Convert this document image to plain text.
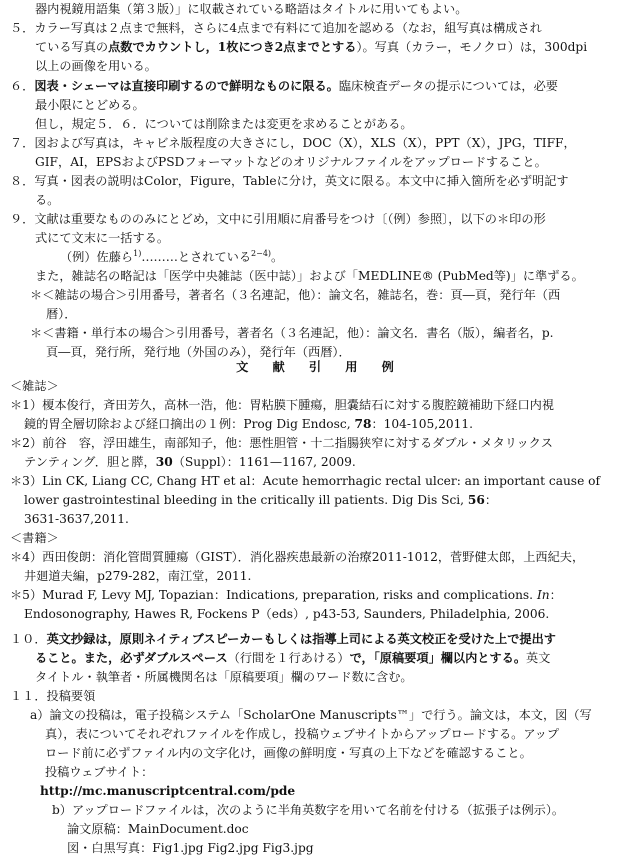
文　献　引　用　例
器内視鏡用語集（第３版）」に収載されている略語はタイトルに用いてもよい。
５．カラー写真は２点まで無料，さらに4点まで有料にて追加を認める（なお，組写真は構成され
ている写真の点数でカウントし，1枚につき2点までとする）。写真（カラー，モノクロ）は，300dpi
以上の画像を用いる。
６．図表・シェーマは直接印刷するので鮮明なものに限る。臨床検査データの提示については，必要
最小限にとどめる。
但し，規定５．６．については削除または変更を求めることがある。
７．図および写真は，キャビネ版程度の大きさにし，DOC（X），XLS（X），PPT（X），JPG，TIFF，
GIF，AI，EPSおよびPSDフォーマットなどのオリジナルファイルをアップロードすること。
８．写真・図表の説明はColor，Figure，Tableに分け，英文に限る。本文中に挿入箇所を必ず明記す
る。
９．文献は重要なもののみにとどめ，文中に引用順に肩番号をつけ〔（例）参照〕，以下の＊印の形
式にて文末に一括する。
（例）佐藤ら$^{1)}$………とされている$^{2-4)}$。
また，雑誌名の略記は「医学中央雑誌（医中誌）」および「MEDLINE® (PubMed等)」に準ずる。
＊＜雑誌の場合＞引用番号，著者名（３名連記，他）：論文名，雑誌名，巻：頁―頁，発行年（西
暦）．
＊＜書籍・単行本の場合＞引用番号，著者名（３名連記，他）：論文名．書名（版），編者名，p.
頁―頁，発行所，発行地（外国のみ），発行年（西暦）．
＜雑誌＞
＊1）榎本俊行，斉田芳久，高林一浩，他：胃粘膜下腫瘍，胆嚢結石に対する腹腔鏡補助下経口内視
鏡的胃全層切除および経口摘出の１例：Prog Dig Endosc, 78：104-105,2011.
＊2）前谷　容，浮田雄生，南部知子，他：悪性胆管・十二指腸狭窄に対するダブル・メタリックス
テンティング．胆と膵，30（Suppl）：1161—1167, 2009.
＊3）Lin CK, Liang CC, Chang HT et al：Acute hemorrhagic rectal ulcer: an important cause of
lower gastrointestinal bleeding in the critically ill patients. Dig Dis Sci, 56：
3631-3637,2011.
＜書籍＞
＊4）西田俊朗：消化管間質腫瘍（GIST）．消化器疾患最新の治療2011-1012，菅野健太郎，上西紀夫，
井廻道夫編，p279-282，南江堂，2011.
＊5）Murad F, Levy MJ, Topazian：Indications, preparation, risks and complications. In：
Endosonography, Hawes R, Fockens P（eds）, p43-53, Saunders, Philadelphia, 2006.
１０．英文抄録は，原則ネイティブスピーカーもしくは指導上司による英文校正を受けた上で提出す
ること。また，必ずダブルスペース（行間を１行あける）で，「原稿要項」欄以内とする。英文
タイトル・執筆者・所属機関名は「原稿要項」欄のワード数に含む。
１１．投稿要領
a）論文の投稿は，電子投稿システム「ScholarOne Manuscripts™」で行う。論文は，本文，図（写
真），表についてそれぞれファイルを作成し，投稿ウェブサイトからアップロードする。アップ
ロード前に必ずファイル内の文字化け，画像の鮮明度・写真の上下などを確認すること。
投稿ウェブサイト：
http://mc.manuscriptcentral.com/pde
b）アップロードファイルは，次のように半角英数字を用いて名前を付ける（拡張子は例示）。
論文原稿：MainDocument.doc
図・白黒写真：Fig1.jpg Fig2.jpg Fig3.jpg
